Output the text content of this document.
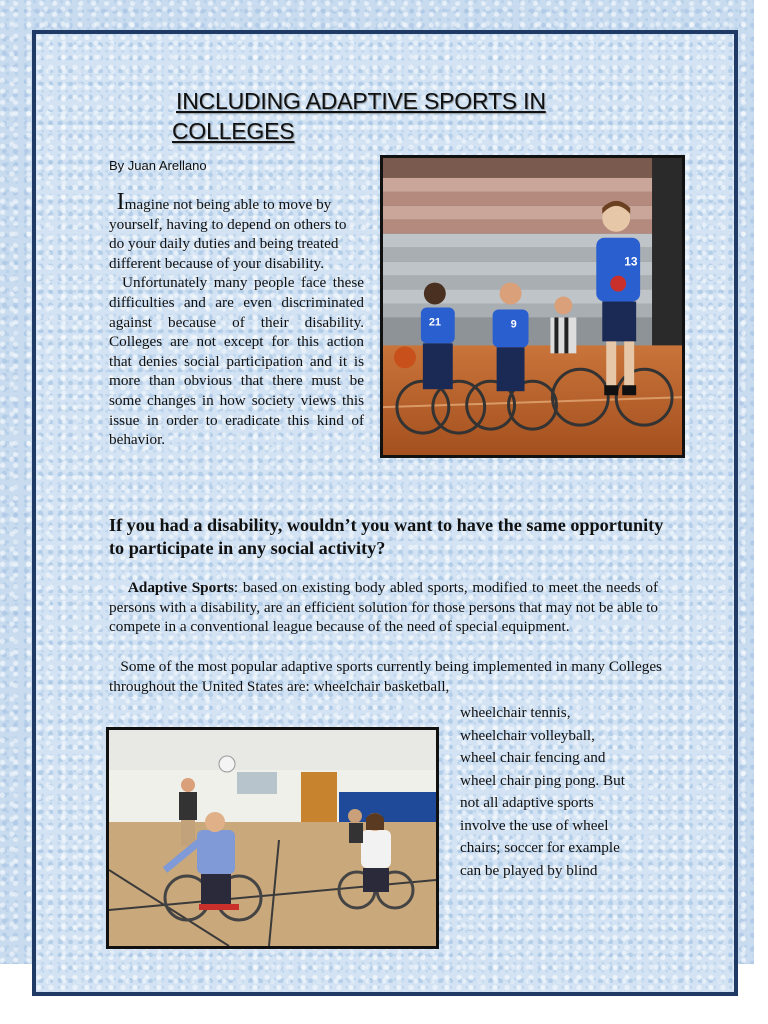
INCLUDING ADAPTIVE SPORTS IN
COLLEGES
By Juan Arellano

Imagine not being able to move by yourself, having to depend on others to do your daily duties and being treated different because of your disability.

Unfortunately many people face these difficulties and are even discriminated against because of their disability. Colleges are not except for this action that denies social participation and it is more than obvious that there must be some changes in how society views this issue in order to eradicate this kind of behavior.

21	9
13

If you had a disability, wouldn’t you want to have the same opportunity to participate in any social activity?

Adaptive Sports: based on existing body abled sports, modified to meet the needs of persons with a disability, are an efficient solution for those persons that may not be able to compete in a conventional league because of the need of special equipment.

Some of the most popular adaptive sports currently being implemented in many Colleges throughout the United States are: wheelchair basketball,

wheelchair tennis,
wheelchair volleyball,
wheel chair fencing and
wheel chair ping pong. But
not all adaptive sports
involve the use of wheel
chairs; soccer for example
can be played by blind
